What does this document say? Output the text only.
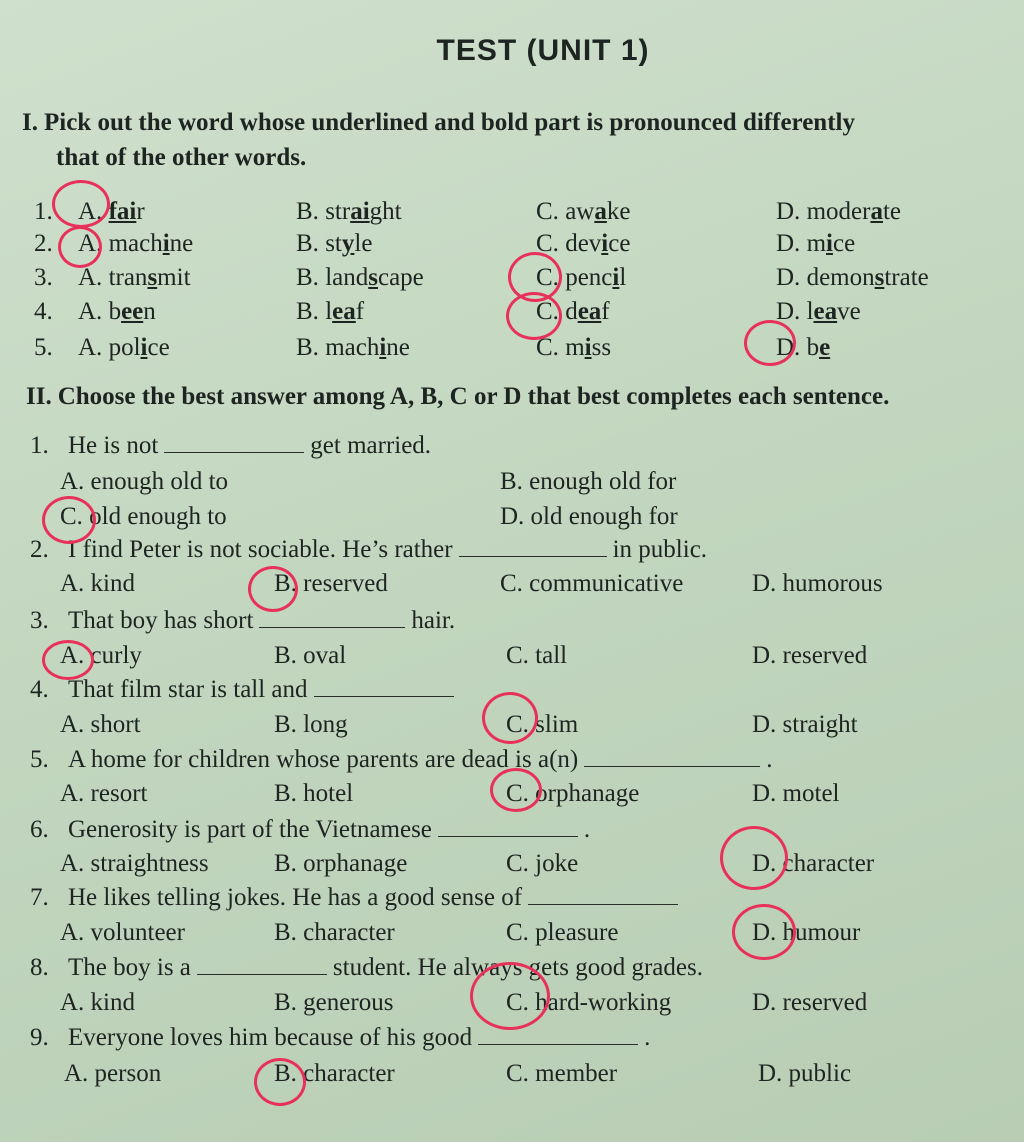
TEST (UNIT 1)
I. Pick out the word whose underlined and bold part is pronounced differently
that of the other words.
1. A. fair	B. straight	C. awake	D. moderate
2. A. machine	B. style	C. device	D. mice
3. A. transmit	B. landscape	C. pencil	D. demonstrate
4. A. been	B. leaf	C. deaf	D. leave
5. A. police	B. machine	C. miss	D. be
II. Choose the best answer among A, B, C or D that best completes each sentence.
1. He is not	get married.
A. enough old to	B. enough old for
C. old enough to	D. old enough for
2. I find Peter is not sociable. He’s rather	in public.
A. kind	B. reserved	C. communicative	D. humorous
3. That boy has short	hair.
A. curly	B. oval	C. tall	D. reserved
4. That film star is tall and
A. short	B. long	C. slim	D. straight
5. A home for children whose parents are dead is a(n)	.
A. resort	B. hotel	C. orphanage	D. motel
6. Generosity is part of the Vietnamese	.
A. straightness	B. orphanage	C. joke	D. character
7. He likes telling jokes. He has a good sense of
A. volunteer	B. character	C. pleasure	D. humour
8. The boy is a	student. He always gets good grades.
A. kind	B. generous	C. hard-working	D. reserved
9. Everyone loves him because of his good	.
A. person	B. character	C. member	D. public
